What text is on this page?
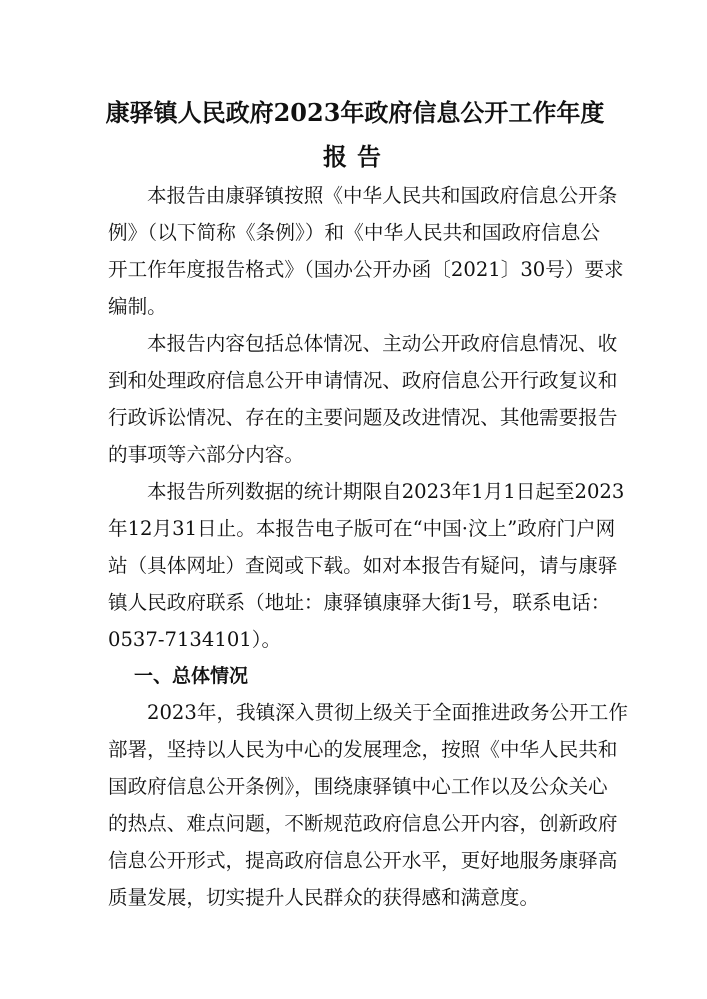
康驿镇人民政府2023年政府信息公开工作年度
报告
本报告由康驿镇按照《中华人民共和国政府信息公开条
例》（以下简称《条例》）和《中华人民共和国政府信息公
开工作年度报告格式》（国办公开办函〔2021〕30号）要求
编制。
本报告内容包括总体情况、主动公开政府信息情况、收
到和处理政府信息公开申请情况、政府信息公开行政复议和
行政诉讼情况、存在的主要问题及改进情况、其他需要报告
的事项等六部分内容。
本报告所列数据的统计期限自2023年1月1日起至2023
年12月31日止。本报告电子版可在“中国·汶上”政府门户网
站（具体网址）查阅或下载。如对本报告有疑问，请与康驿
镇人民政府联系（地址：康驿镇康驿大街1号，联系电话：
0537-7134101）。
一、总体情况
2023年，我镇深入贯彻上级关于全面推进政务公开工作
部署，坚持以人民为中心的发展理念，按照《中华人民共和
国政府信息公开条例》，围绕康驿镇中心工作以及公众关心
的热点、难点问题，不断规范政府信息公开内容，创新政府
信息公开形式，提高政府信息公开水平，更好地服务康驿高
质量发展，切实提升人民群众的获得感和满意度。
